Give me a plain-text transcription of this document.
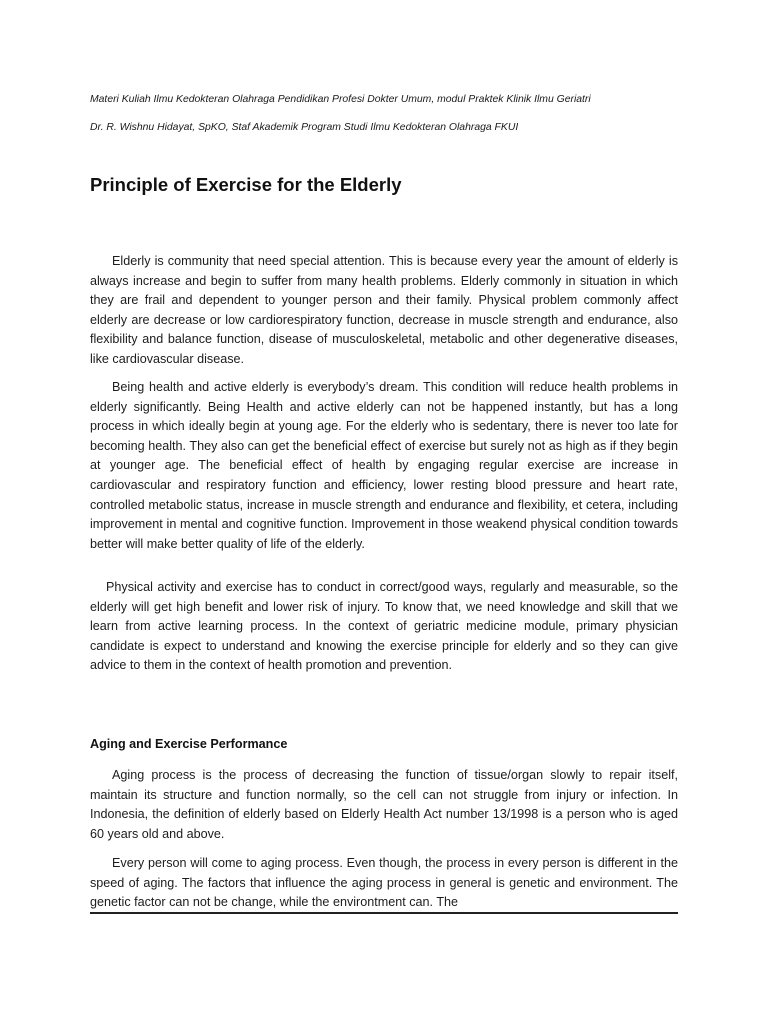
Materi Kuliah Ilmu Kedokteran Olahraga Pendidikan Profesi Dokter Umum, modul Praktek Klinik Ilmu Geriatri
Dr. R. Wishnu Hidayat, SpKO, Staf Akademik Program Studi Ilmu Kedokteran Olahraga FKUI
Principle of Exercise for the Elderly

Elderly is community that need special attention. This is because every year the amount of elderly is always increase and begin to suffer from many health problems. Elderly commonly in situation in which they are frail and dependent to younger person and their family. Physical problem commonly affect elderly are decrease or low cardiorespiratory function, decrease in muscle strength and endurance, also flexibility and balance function, disease of musculoskeletal, metabolic and other degenerative diseases, like cardiovascular disease.

Being health and active elderly is everybody’s dream. This condition will reduce health problems in elderly significantly. Being Health and active elderly can not be happened instantly, but has a long process in which ideally begin at young age. For the elderly who is sedentary, there is never too late for becoming health. They also can get the beneficial effect of exercise but surely not as high as if they begin at younger age. The beneficial effect of health by engaging regular exercise are increase in cardiovascular and respiratory function and efficiency, lower resting blood pressure and heart rate, controlled metabolic status, increase in muscle strength and endurance and flexibility, et cetera, including improvement in mental and cognitive function. Improvement in those weakend physical condition towards better will make better quality of life of the elderly.

Physical activity and exercise has to conduct in correct/good ways, regularly and measurable, so the elderly will get high benefit and lower risk of injury. To know that, we need knowledge and skill that we learn from active learning process. In the context of geriatric medicine module, primary physician candidate is expect to understand and knowing the exercise principle for elderly and so they can give advice to them in the context of health promotion and prevention.

Aging and Exercise Performance

Aging process is the process of decreasing the function of tissue/organ slowly to repair itself, maintain its structure and function normally, so the cell can not struggle from injury or infection. In Indonesia, the definition of elderly based on Elderly Health Act number 13/1998 is a person who is aged 60 years old and above.

Every person will come to aging process. Even though, the process in every person is different in the speed of aging. The factors that influence the aging process in general is genetic and environment. The genetic factor can not be change, while the environtment can. The
